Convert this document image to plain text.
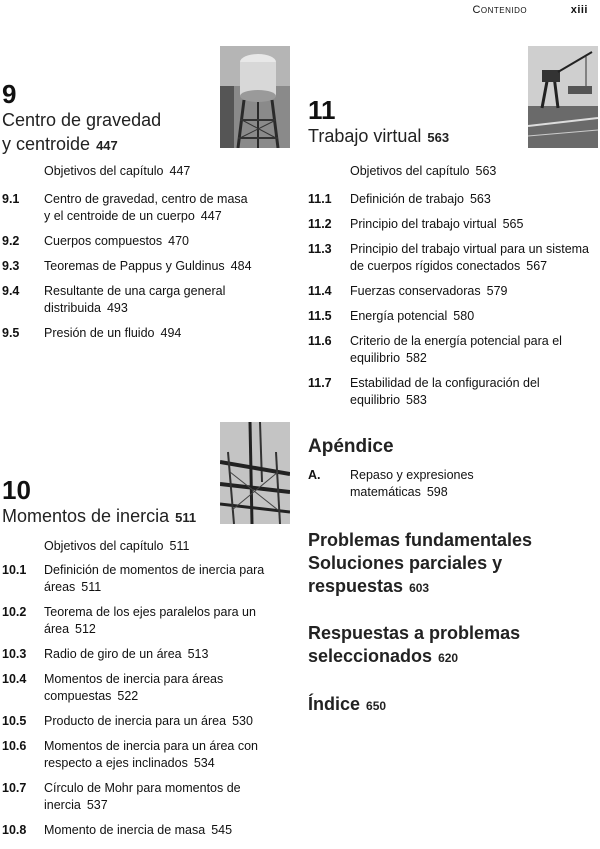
Contenido	xiii
9
Centro de gravedad
y centroide 447
Objetivos del capítulo 447
9.1	Centro de gravedad, centro de masa
y el centroide de un cuerpo 447
9.2	Cuerpos compuestos 470
9.3	Teoremas de Pappus y Guldinus 484
9.4	Resultante de una carga general
distribuida 493
9.5	Presión de un fluido 494
10
Momentos de inercia 511
Objetivos del capítulo 511
10.1	Definición de momentos de inercia para
áreas 511
10.2	Teorema de los ejes paralelos para un
área 512
10.3	Radio de giro de un área 513
10.4	Momentos de inercia para áreas
compuestas 522
10.5	Producto de inercia para un área 530
10.6	Momentos de inercia para un área con
respecto a ejes inclinados 534
10.7	Círculo de Mohr para momentos de
inercia 537
10.8	Momento de inercia de masa 545
11
Trabajo virtual 563
Objetivos del capítulo 563
11.1	Definición de trabajo 563
11.2	Principio del trabajo virtual 565
11.3	Principio del trabajo virtual para un sistema
de cuerpos rígidos conectados 567
11.4	Fuerzas conservadoras 579
11.5	Energía potencial 580
11.6	Criterio de la energía potencial para el
equilibrio 582
11.7	Estabilidad de la configuración del
equilibrio 583
Apéndice
A.	Repaso y expresiones
matemáticas 598
Problemas fundamentales
Soluciones parciales y
respuestas 603
Respuestas a problemas
seleccionados 620
Índice 650
